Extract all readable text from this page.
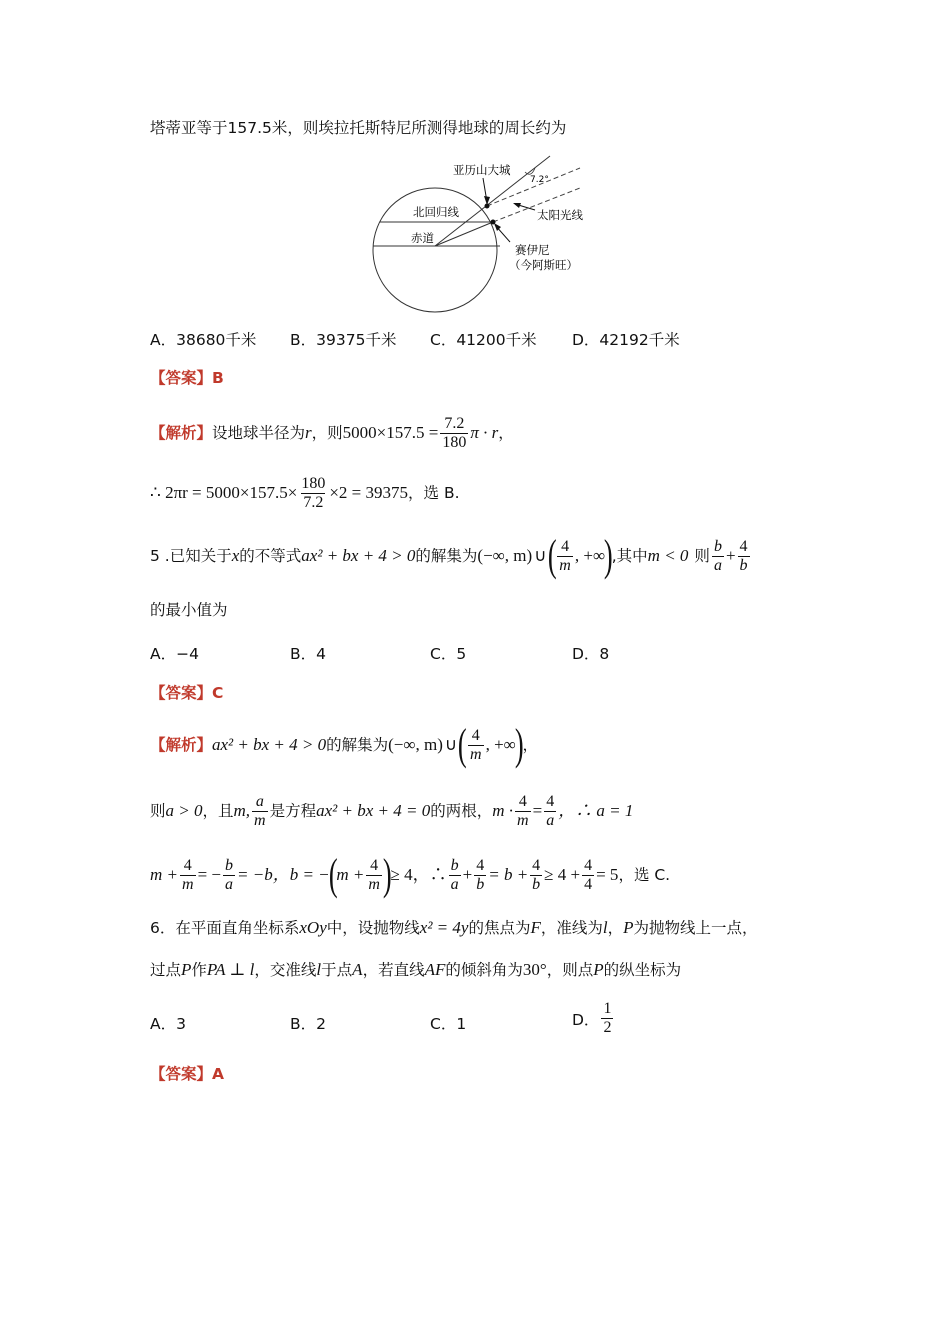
塔蒂亚等于157.5米，则埃拉托斯特尼所测得地球的周长约为
亚历山大城
7.2°
太阳光线
北回归线
赤道
赛伊尼
（今阿斯旺）
A．38680千米 B．39375千米 C．41200千米 D．42192千米
【答案】 B
【解析】 设地球半径为 r ，则 $5000\times 157.5 = \frac{7.2}{180}$ π · r ，
∴ $2\pi r = 5000\times 157.5\times \frac{180}{7.2} \times 2 = 39375$ ，选 B.
5 . 已知关于 x 的不等式 ax² + bx + 4 > 0 的解集为 (−∞, m) ∪ ( $\frac{4}{m}$ , +∞
)
,其中 m < 0 则 $\frac{b}{a} + \frac{4}{b}$
的最小值为
A．−4	B．4	C．5	D．8
【答案】 C
【解析】 ax² + bx + 4 > 0 的解集为 (−∞, m) ∪ ( $\frac{4}{m}$ , +∞
)
，
则 a > 0 ，且 m, $\frac{a}{m}$ 是方程 ax² + bx + 4 = 0 的两根， $m \cdot \frac{4}{m} = \frac{4}{a}$ ，∴ a = 1
$m + \frac{4}{m}$ = − $\frac{b}{a} = -b$ ，b = −
(
$m + \frac{4}{m}$ )
≥ 4 ，∴ $\frac{b}{a} + \frac{4}{b} = b + \frac{4}{b} \ge 4 + \frac{4}{4} = 5$ ，选 C.
6． 在平面直角坐标系 xOy 中，设抛物线 x² = 4y 的焦点为 F ，准线为 l ， P 为抛物线上一点，
过点 P 作 PA ⊥ l ，交准线 l 于点 A ，若直线 AF 的倾斜角为 30° ，则点 P 的纵坐标为
A．3	B．2	C．1	D． $\frac{1}{2}$
【答案】 A
